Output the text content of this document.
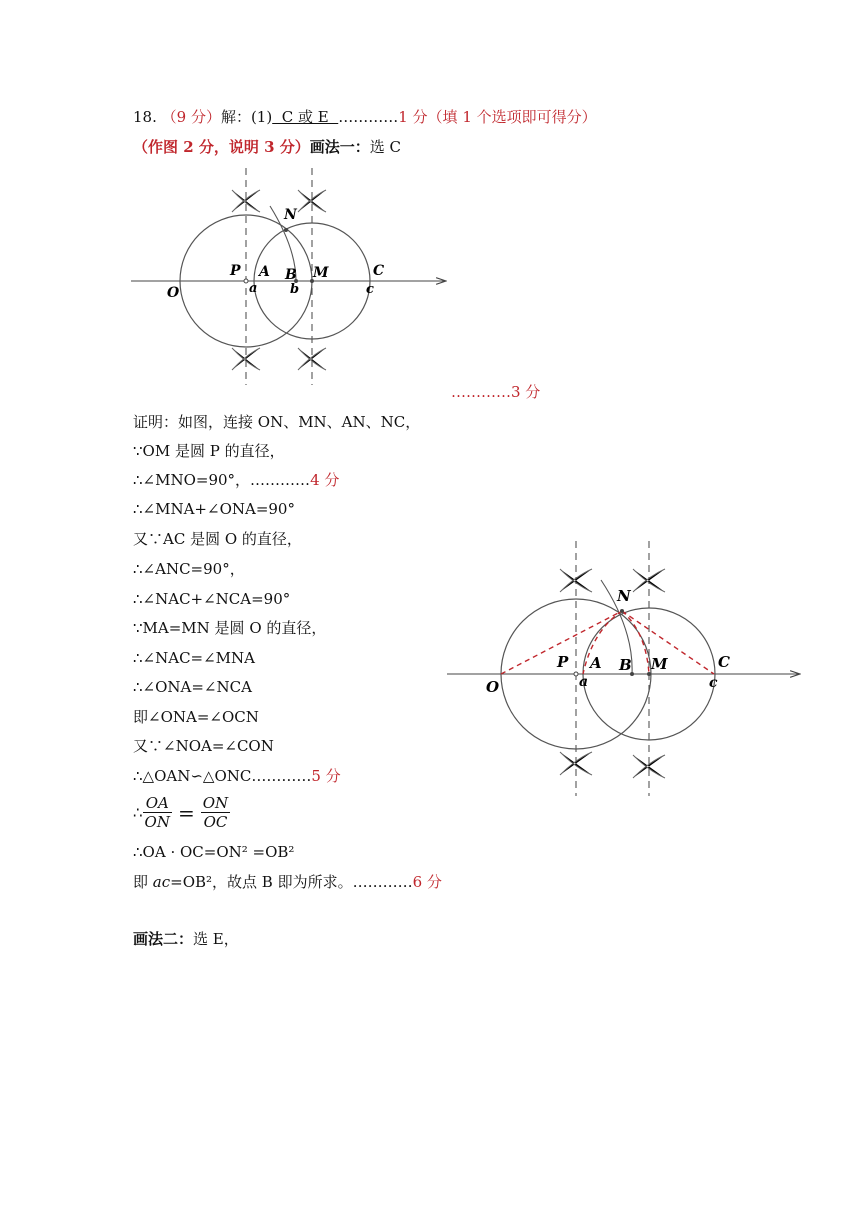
18. （9 分）解：(1)  C 或 E  …………1 分（填 1 个选项即可得分）
（作图 2 分，说明 3 分）画法一：选 C
N
P A B M	C
O	a	b	c
…………3 分
证明：如图，连接 ON、MN、AN、NC，
∵OM 是圆 P 的直径，
∴∠MNO=90°，…………4 分
∴∠MNA+∠ONA=90°
又∵AC 是圆 O 的直径，
∴∠ANC=90°，
∴∠NAC+∠NCA=90°
∵MA=MN 是圆 O 的直径，
∴∠NAC=∠MNA
∴∠ONA=∠NCA
即∠ONA=∠OCN
又∵∠NOA=∠CON
∴△OAN∽△ONC…………5 分
∴ $\frac{OA}{ON} = \frac{ON}{OC}$
∴OA · OC=ON² =OB²
即 ac=OB²，故点 B 即为所求。…………6 分
画法二：选 E，
N
P A B M	C
O	a	c
